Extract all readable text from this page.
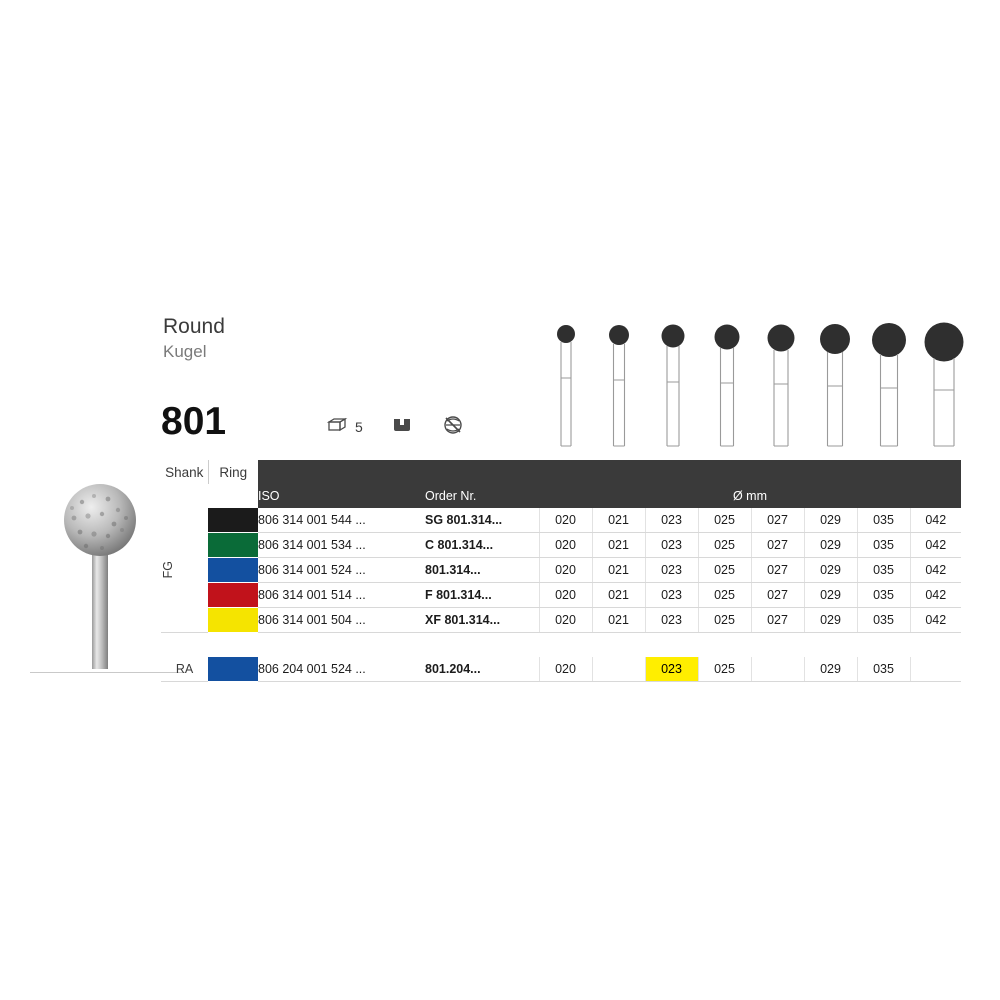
Round
Kugel
801	5
Shank	Ring										
		ISO	Order Nr.	Ø mm							

FG		806 314 001 544 ...	SG 801.314...	020	021	023	025	027	029	035	042

		806 314 001 534 ...	C 801.314...	020	021	023	025	027	029	035	042

		806 314 001 524 ...	801.314...	020	021	023	025	027	029	035	042

		806 314 001 514 ...	F 801.314...	020	021	023	025	027	029	035	042

		806 314 001 504 ...	XF 801.314...	020	021	023	025	027	029	035	042

RA		806 204 001 524 ...	801.204...	020		023	025		029	035	
